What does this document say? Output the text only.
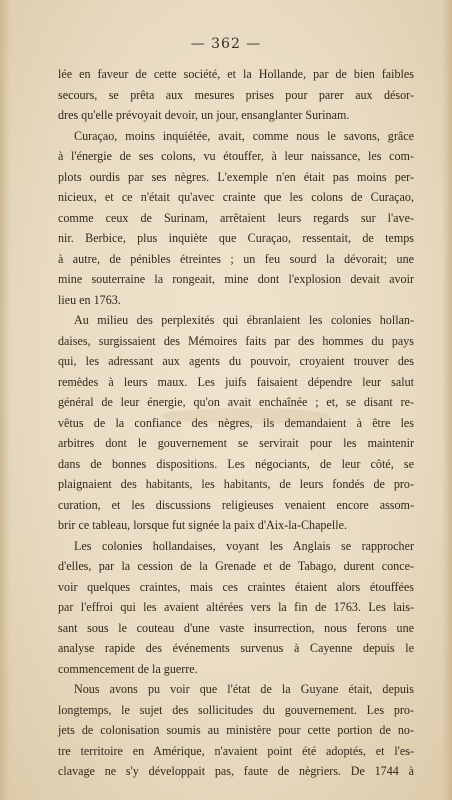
— 362 —
lée en faveur de cette société, et la Hollande, par de bien faibles
secours, se prêta aux mesures prises pour parer aux désor-
dres qu'elle prévoyait devoir, un jour, ensanglanter Surinam.
Curaçao, moins inquiétée, avait, comme nous le savons, grâce
à l'énergie de ses colons, vu étouffer, à leur naissance, les com-
plots ourdis par ses nègres. L'exemple n'en était pas moins per-
nicieux, et ce n'était qu'avec crainte que les colons de Curaçao,
comme ceux de Surinam, arrêtaient leurs regards sur l'ave-
nir. Berbice, plus inquiète que Curaçao, ressentait, de temps
à autre, de pénibles étreintes ; un feu sourd la dévorait; une
mine souterraine la rongeait, mine dont l'explosion devait avoir
lieu en 1763.
Au milieu des perplexités qui ébranlaient les colonies hollan-
daises, surgissaient des Mémoires faits par des hommes du pays
qui, les adressant aux agents du pouvoir, croyaient trouver des
remèdes à leurs maux. Les juifs faisaient dépendre leur salut
général de leur énergie, qu'on avait enchaînée ; et, se disant re-
vêtus de la confiance des nègres, ils demandaient à être les
arbitres dont le gouvernement se servirait pour les maintenir
dans de bonnes dispositions. Les négociants, de leur côté, se
plaignaient des habitants, les habitants, de leurs fondés de pro-
curation, et les discussions religieuses venaient encore assom-
brir ce tableau, lorsque fut signée la paix d'Aix-la-Chapelle.
Les colonies hollandaises, voyant les Anglais se rapprocher
d'elles, par la cession de la Grenade et de Tabago, durent conce-
voir quelques craintes, mais ces craintes étaient alors étouffées
par l'effroi qui les avaient altérées vers la fin de 1763. Les lais-
sant sous le couteau d'une vaste insurrection, nous ferons une
analyse rapide des événements survenus à Cayenne depuis le
commencement de la guerre.
Nous avons pu voir que l'état de la Guyane était, depuis
longtemps, le sujet des sollicitudes du gouvernement. Les pro-
jets de colonisation soumis au ministère pour cette portion de no-
tre territoire en Amérique, n'avaient point été adoptés, et l'es-
clavage ne s'y développait pas, faute de nègriers. De 1744 à
